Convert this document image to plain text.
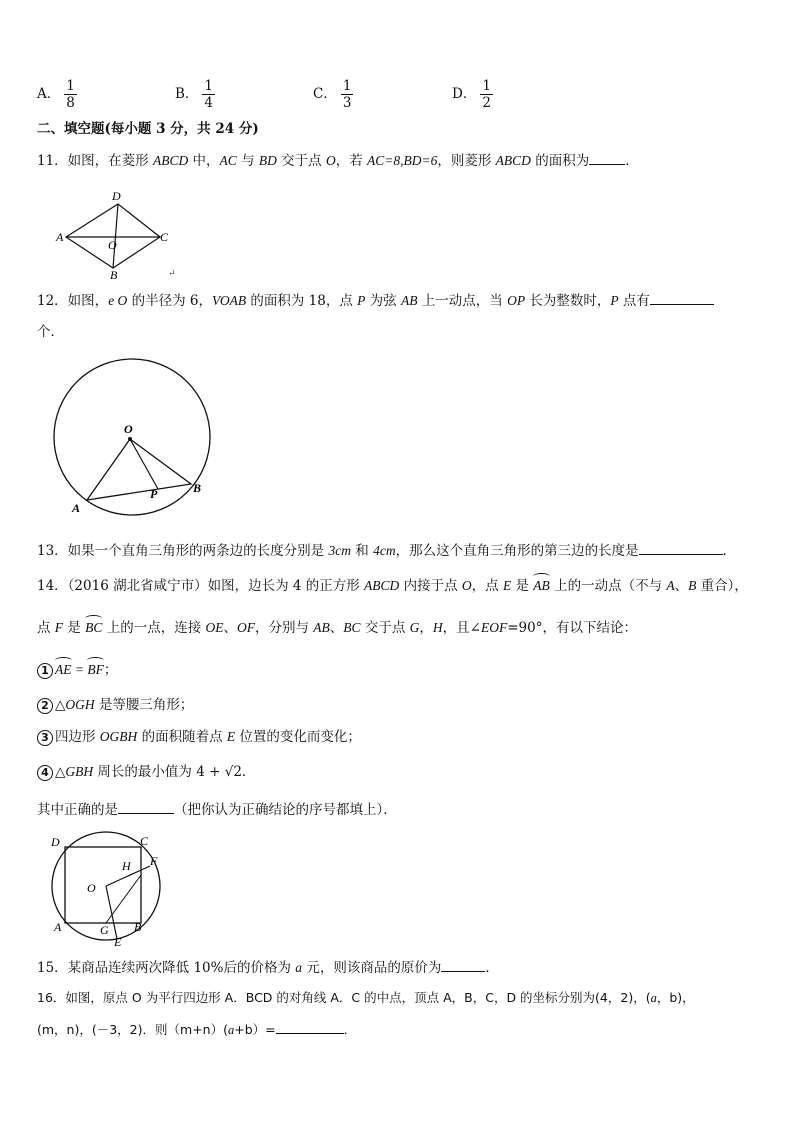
A． $\frac{1}{8}$	B． $\frac{1}{4}$	C． $\frac{1}{3}$	D． $\frac{1}{2}$
二、填空题(每小题 3 分，共 24 分)
11．如图，在菱形 ABCD 中，AC 与 BD 交于点 O，若 AC=8,BD=6，则菱形 ABCD 的面积为	．
D
A	C
O
B	↵
12．如图，e O 的半径为 6，VOAB 的面积为 18，点 P 为弦 AB 上一动点，当 OP 长为整数时，P 点有
个．
O
A
B
P
13．如果一个直角三角形的两条边的长度分别是 3cm 和 4cm，那么这个直角三角形的第三边的长度是	．
14．（2016 湖北省咸宁市）如图，边长为 4 的正方形 ABCD 内接于点 O，点 E 是 AB 上的一动点（不与 A、B 重合），
点 F 是 BC 上的一点，连接 OE、OF，分别与 AB、BC 交于点 G，H，且∠EOF=90°，有以下结论：
1 AE = BF；
2 △OGH 是等腰三角形；
3 四边形 OGBH 的面积随着点 E 位置的变化而变化；
4 △GBH 周长的最小值为 4 + √2．
其中正确的是	（把你认为正确结论的序号都填上）．
D	C
F
H
O
A	G B
E
15．某商品连续两次降低 10%后的价格为 a 元，则该商品的原价为	．
16．如图，原点 O 为平行四边形 A．BCD 的对角线 A．C 的中点，顶点 A，B，C，D 的坐标分别为(4，2)，(a，b)，
(m，n)，(－3，2)．则（m+n）(a+b）=	．
